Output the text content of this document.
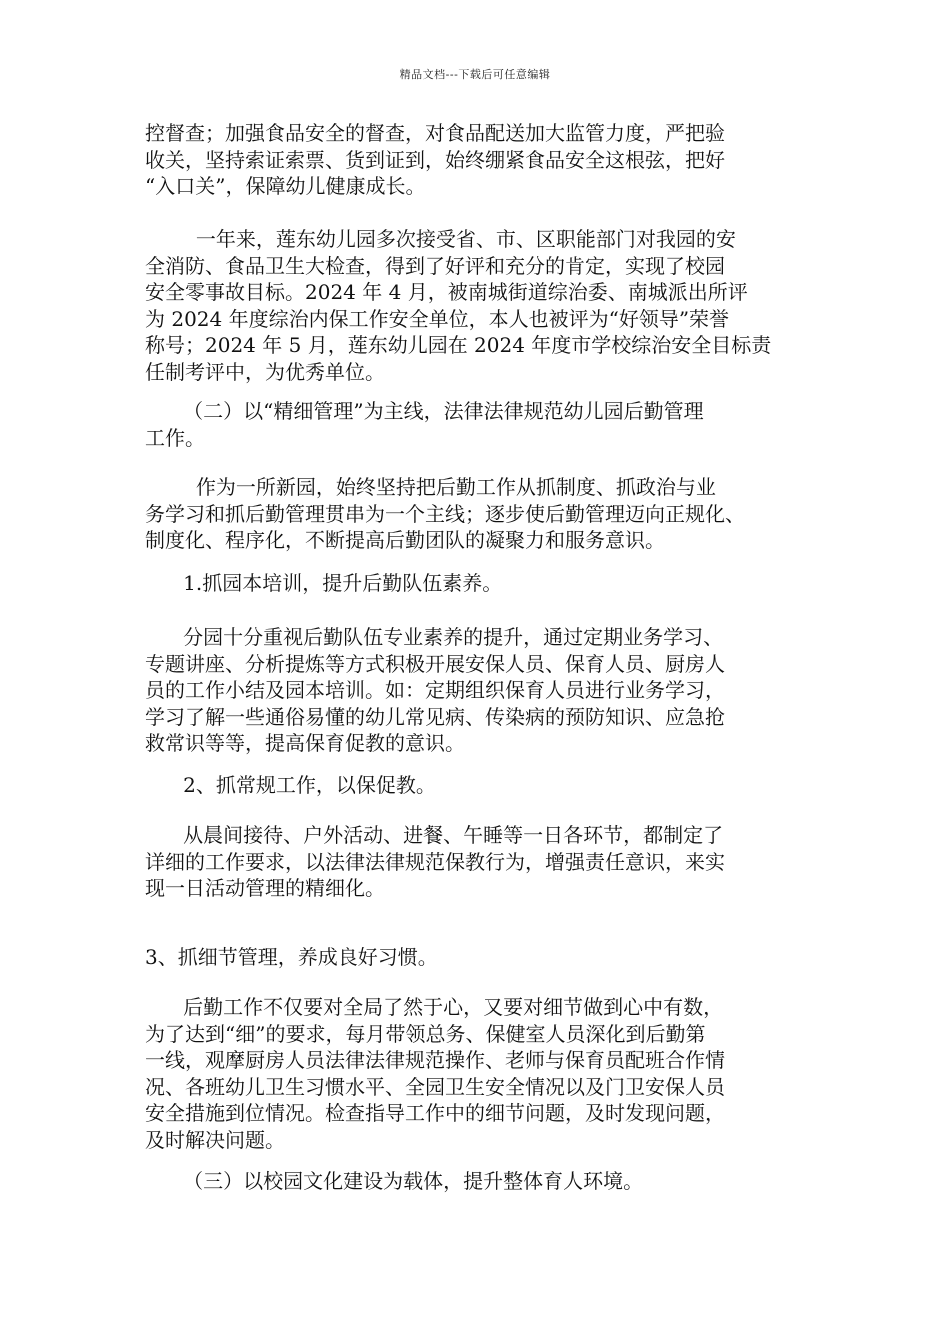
精品文档---下载后可任意编辑

控督查；加强食品安全的督查，对食品配送加大监管力度，严把验
收关，坚持索证索票、货到证到，始终绷紧食品安全这根弦，把好
“入口关”，保障幼儿健康成长。

一年来，莲东幼儿园多次接受省、市、区职能部门对我园的安
全消防、食品卫生大检查，得到了好评和充分的肯定，实现了校园
安全零事故目标。2024 年 4 月，被南城街道综治委、南城派出所评
为 2024 年度综治内保工作安全单位，本人也被评为“好领导”荣誉
称号；2024 年 5 月，莲东幼儿园在 2024 年度市学校综治安全目标责
任制考评中，为优秀单位。

（二）以“精细管理”为主线，法律法律规范幼儿园后勤管理
工作。

作为一所新园，始终坚持把后勤工作从抓制度、抓政治与业
务学习和抓后勤管理贯串为一个主线；逐步使后勤管理迈向正规化、
制度化、程序化，不断提高后勤团队的凝聚力和服务意识。

1.抓园本培训，提升后勤队伍素养。

分园十分重视后勤队伍专业素养的提升，通过定期业务学习、
专题讲座、分析提炼等方式积极开展安保人员、保育人员、厨房人
员的工作小结及园本培训。如：定期组织保育人员进行业务学习，
学习了解一些通俗易懂的幼儿常见病、传染病的预防知识、应急抢
救常识等等，提高保育促教的意识。

2、抓常规工作，以保促教。

从晨间接待、户外活动、进餐、午睡等一日各环节，都制定了
详细的工作要求，以法律法律规范保教行为，增强责任意识，来实
现一日活动管理的精细化。

3、抓细节管理，养成良好习惯。

后勤工作不仅要对全局了然于心，又要对细节做到心中有数，
为了达到“细”的要求，每月带领总务、保健室人员深化到后勤第
一线，观摩厨房人员法律法律规范操作、老师与保育员配班合作情
况、各班幼儿卫生习惯水平、全园卫生安全情况以及门卫安保人员
安全措施到位情况。检查指导工作中的细节问题，及时发现问题，
及时解决问题。

（三）以校园文化建设为载体，提升整体育人环境。
